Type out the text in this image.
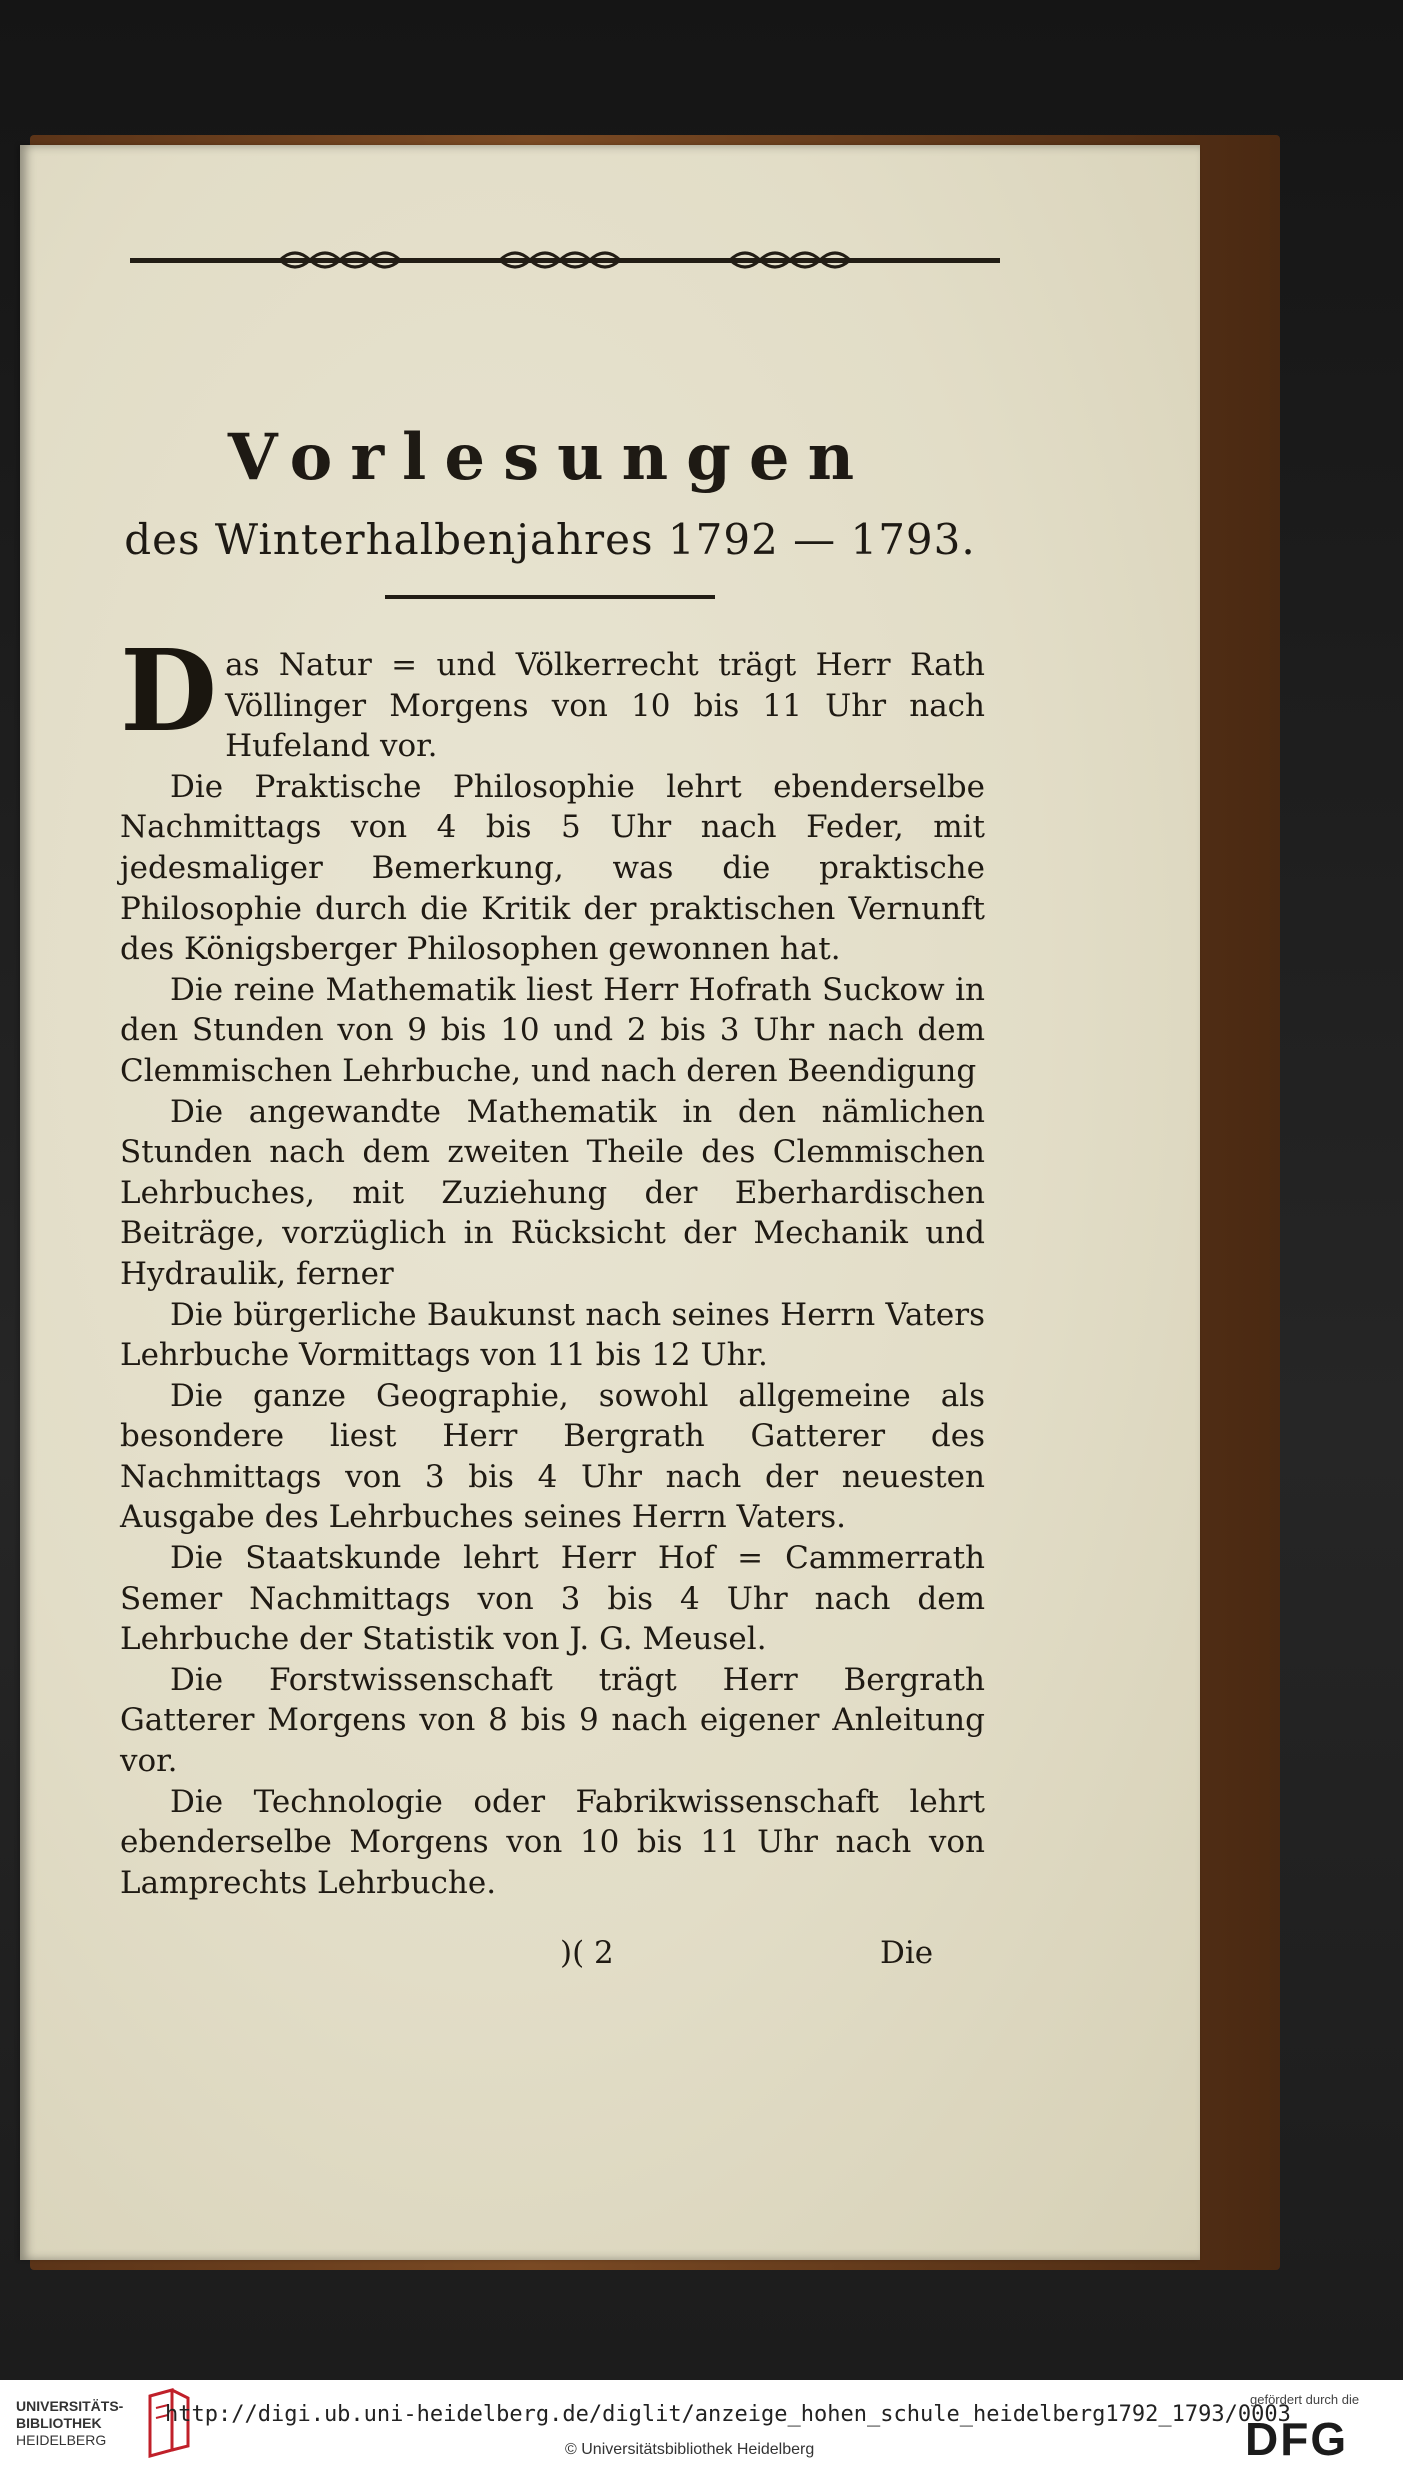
Vorlesungen
des Winterhalbenjahres 1792 — 1793.

Das Natur = und Völkerrecht trägt Herr Rath Völlinger Morgens von 10 bis 11 Uhr nach Hufeland vor.

Die Praktische Philosophie lehrt ebenderselbe Nachmittags von 4 bis 5 Uhr nach Feder, mit jedesmaliger Bemerkung, was die praktische Philosophie durch die Kritik der praktischen Vernunft des Königsberger Philosophen gewonnen hat.

Die reine Mathematik liest Herr Hofrath Suckow in den Stunden von 9 bis 10 und 2 bis 3 Uhr nach dem Clemmischen Lehrbuche, und nach deren Beendigung

Die angewandte Mathematik in den nämlichen Stunden nach dem zweiten Theile des Clemmischen Lehrbuches, mit Zuziehung der Eberhardischen Beiträge, vorzüglich in Rücksicht der Mechanik und Hydraulik, ferner

Die bürgerliche Baukunst nach seines Herrn Vaters Lehrbuche Vormittags von 11 bis 12 Uhr.

Die ganze Geographie, sowohl allgemeine als besondere liest Herr Bergrath Gatterer des Nachmittags von 3 bis 4 Uhr nach der neuesten Ausgabe des Lehrbuches seines Herrn Vaters.

Die Staatskunde lehrt Herr Hof = Cammerrath Semer Nachmittags von 3 bis 4 Uhr nach dem Lehrbuche der Statistik von J. G. Meusel.

Die Forstwissenschaft trägt Herr Bergrath Gatterer Morgens von 8 bis 9 nach eigener Anleitung vor.

Die Technologie oder Fabrikwissenschaft lehrt ebenderselbe Morgens von 10 bis 11 Uhr nach von Lamprechts Lehrbuche.

)( 2	Die
UNIVERSITÄTS-
BIBLIOTHEK
HEIDELBERG
http://digi.ub.uni-heidelberg.de/diglit/anzeige_hohen_schule_heidelberg1792_1793/0003
© Universitätsbibliothek Heidelberg
gefördert durch die
DFG
